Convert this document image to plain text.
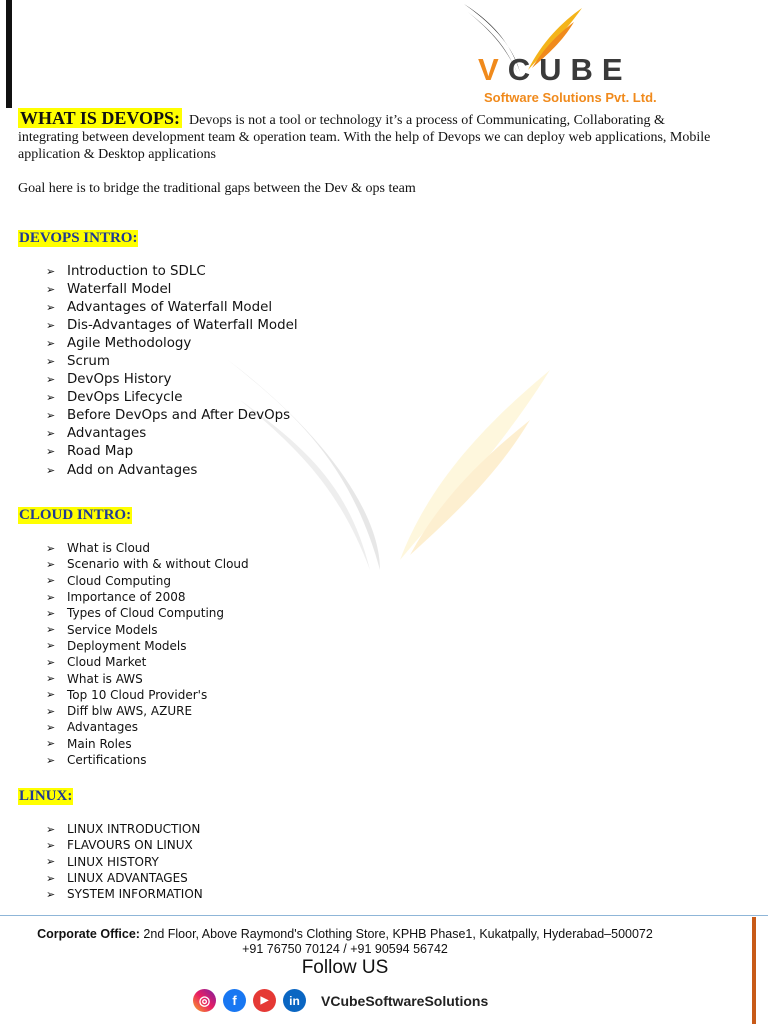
VCUBE
Software Solutions Pvt. Ltd.
WHAT IS DEVOPS: Devops is not a tool or technology it’s a process of Communicating, Collaborating & integrating between development team & operation team. With the help of Devops we can deploy web applications, Mobile application & Desktop applications
Goal here is to bridge the traditional gaps between the Dev & ops team
DEVOPS INTRO:
➢ Introduction to SDLC
➢ Waterfall Model
➢ Advantages of Waterfall Model
➢ Dis-Advantages of Waterfall Model
➢ Agile Methodology
➢ Scrum
➢ DevOps History
➢ DevOps Lifecycle
➢ Before DevOps and After DevOps
➢ Advantages
➢ Road Map
➢ Add on Advantages
CLOUD INTRO:
➢ What is Cloud
➢ Scenario with & without Cloud
➢ Cloud Computing
➢ Importance of 2008
➢ Types of Cloud Computing
➢ Service Models
➢ Deployment Models
➢ Cloud Market
➢ What is AWS
➢ Top 10 Cloud Provider's
➢ Diff blw AWS, AZURE
➢ Advantages
➢ Main Roles
➢ Certifications
LINUX:
➢ LINUX INTRODUCTION
➢ FLAVOURS ON LINUX
➢ LINUX HISTORY
➢ LINUX ADVANTAGES
➢ SYSTEM INFORMATION
Corporate Office: 2nd Floor, Above Raymond's Clothing Store, KPHB Phase1, Kukatpally, Hyderabad–500072
+91 76750 70124 / +91 90594 56742
Follow US
◎	f	▶	in	VCubeSoftwareSolutions
